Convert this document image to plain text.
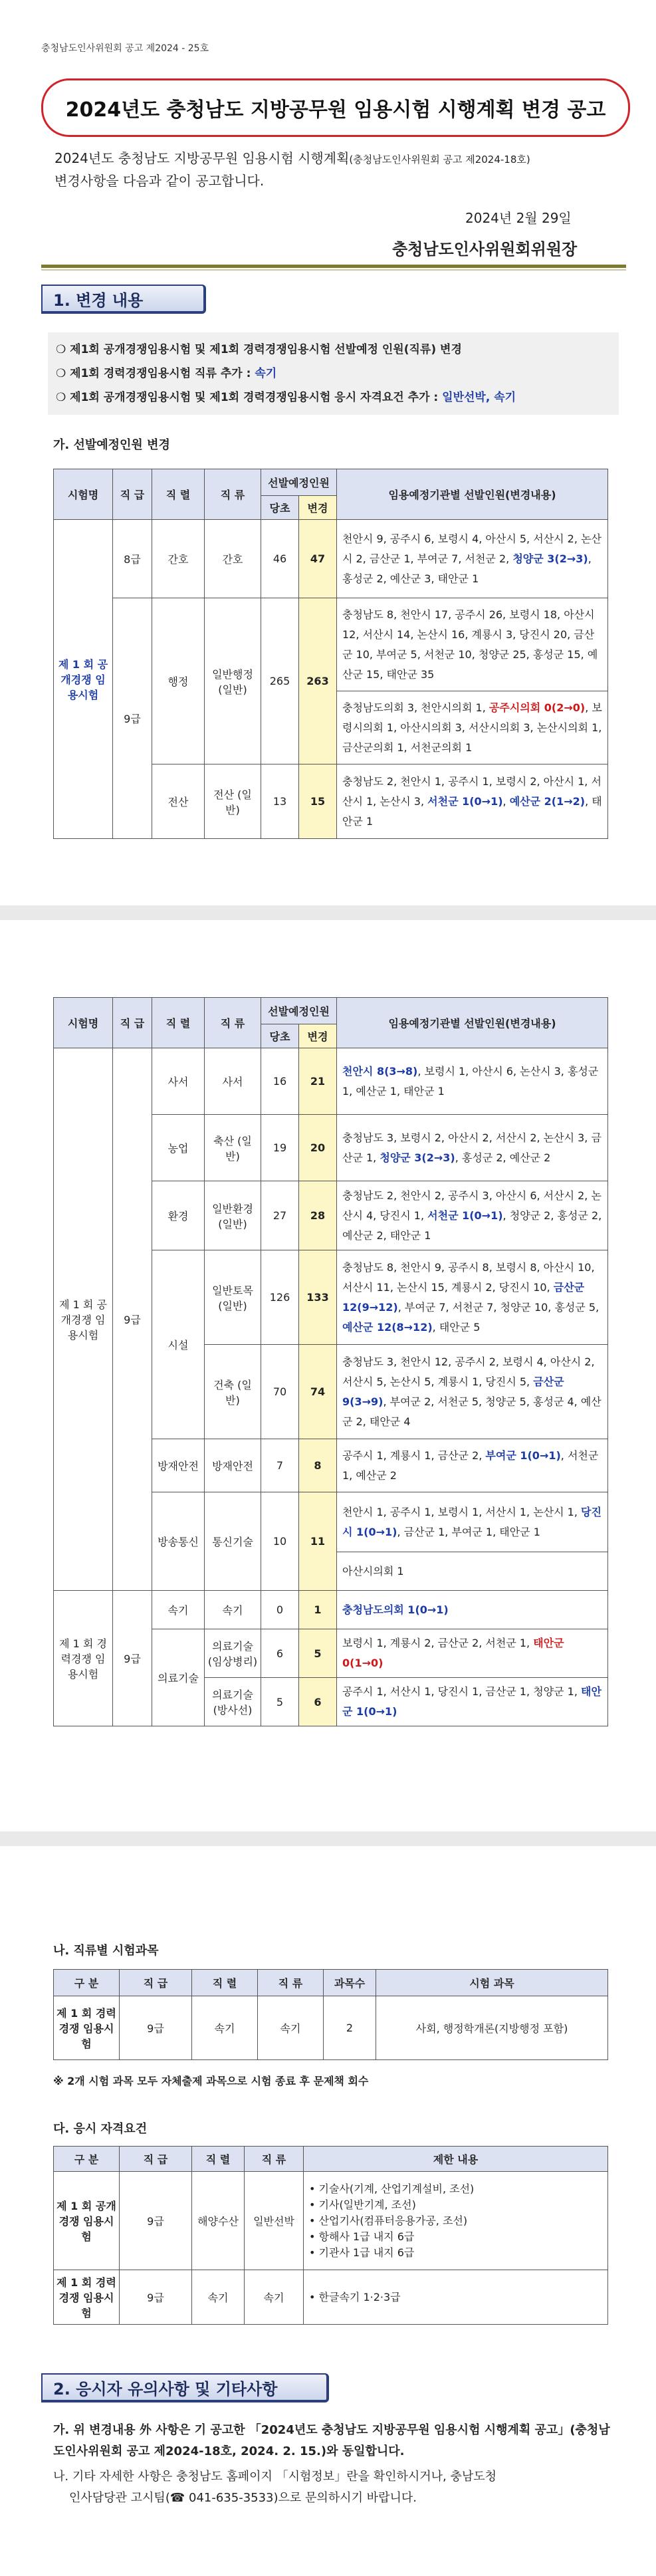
충청남도인사위원회 공고 제2024 - 25호
2024년도 충청남도 지방공무원 임용시험 시행계획 변경 공고
2024년도 충청남도 지방공무원 임용시험 시행계획(충청남도인사위원회 공고 제2024-18호)
변경사항을 다음과 같이 공고합니다.
2024년 2월 29일
충청남도인사위원회위원장
1. 변경 내용
❍ 제1회 공개경쟁임용시험 및 제1회 경력경쟁임용시험 선발예정 인원(직류) 변경
❍ 제1회 경력경쟁임용시험 직류 추가 : 속기
❍ 제1회 공개경쟁임용시험 및 제1회 경력경쟁임용시험 응시 자격요건 추가 : 일반선박, 속기
가. 선발예정인원 변경
시험명	직 급	직 렬	직 류	선발예정인원		임용예정기관별 선발인원(변경내용)
				당초	변경	
제 1 회 공개경쟁 임용시험	8급	간호	간호	46	47	천안시 9, 공주시 6, 보령시 4, 아산시 5, 서산시 2, 논산시 2, 금산군 1, 부여군 7, 서천군 2, 청양군 3(2→3), 홍성군 2, 예산군 3, 태안군 1
	9급	행정	일반행정 (일반)	265	263	충청남도 8, 천안시 17, 공주시 26, 보령시 18, 아산시 12, 서산시 14, 논산시 16, 계룡시 3, 당진시 20, 금산군 10, 부여군 5, 서천군 10, 청양군 25, 홍성군 15, 예산군 15, 태안군 35
						충청남도의회 3, 천안시의회 1, 공주시의회 0(2→0), 보령시의회 1, 아산시의회 3, 서산시의회 3, 논산시의회 1, 금산군의회 1, 서천군의회 1
		전산	전산 (일반)	13	15	충청남도 2, 천안시 1, 공주시 1, 보령시 2, 아산시 1, 서산시 1, 논산시 3, 서천군 1(0→1), 예산군 2(1→2), 태안군 1
시험명	직 급	직 렬	직 류	선발예정인원		임용예정기관별 선발인원(변경내용)
				당초	변경	
제 1 회 공개경쟁 임용시험	9급	사서	사서	16	21	천안시 8(3→8), 보령시 1, 아산시 6, 논산시 3, 홍성군 1, 예산군 1, 태안군 1
		농업	축산 (일반)	19	20	충청남도 3, 보령시 2, 아산시 2, 서산시 2, 논산시 3, 금산군 1, 청양군 3(2→3), 홍성군 2, 예산군 2
		환경	일반환경 (일반)	27	28	충청남도 2, 천안시 2, 공주시 3, 아산시 6, 서산시 2, 논산시 4, 당진시 1, 서천군 1(0→1), 청양군 2, 홍성군 2, 예산군 2, 태안군 1
		시설	일반토목 (일반)	126	133	충청남도 8, 천안시 9, 공주시 8, 보령시 8, 아산시 10, 서산시 11, 논산시 15, 계룡시 2, 당진시 10, 금산군 12(9→12), 부여군 7, 서천군 7, 청양군 10, 홍성군 5, 예산군 12(8→12), 태안군 5
			건축 (일반)	70	74	충청남도 3, 천안시 12, 공주시 2, 보령시 4, 아산시 2, 서산시 5, 논산시 5, 계룡시 1, 당진시 5, 금산군 9(3→9), 부여군 2, 서천군 5, 청양군 5, 홍성군 4, 예산군 2, 태안군 4
		방재안전	방재안전	7	8	공주시 1, 계룡시 1, 금산군 2, 부여군 1(0→1), 서천군 1, 예산군 2
		방송통신	통신기술	10	11	천안시 1, 공주시 1, 보령시 1, 서산시 1, 논산시 1, 당진시 1(0→1), 금산군 1, 부여군 1, 태안군 1
						아산시의회 1

제 1 회 경력경쟁 임용시험	9급	속기	속기	0	1	충청남도의회 1(0→1)
		의료기술	의료기술 (임상병리)	6	5	보령시 1, 계룡시 2, 금산군 2, 서천군 1, 태안군 0(1→0)
			의료기술 (방사선)	5	6	공주시 1, 서산시 1, 당진시 1, 금산군 1, 청양군 1, 태안군 1(0→1)
나. 직류별 시험과목
구 분	직 급	직 렬	직 류	과목수	시험 과목
제 1 회 경력경쟁 임용시험	9급	속기	속기	2	사회, 행정학개론(지방행정 포함)
※ 2개 시험 과목 모두 자체출제 과목으로 시험 종료 후 문제책 회수
다. 응시 자격요건
구 분	직 급	직 렬	직 류	제한 내용
제 1 회 공개경쟁 임용시험	9급	해양수산	일반선박	• 기술사(기계, 산업기계설비, 조선)
• 기사(일반기계, 조선)
• 산업기사(컴퓨터응용가공, 조선)
• 항해사 1급 내지 6급
• 기관사 1급 내지 6급

제 1 회 경력경쟁 임용시험	9급	속기	속기	• 한글속기 1·2·3급
2. 응시자 유의사항 및 기타사항
가. 위 변경내용 外 사항은 기 공고한 「2024년도 충청남도 지방공무원 임용시험 시행계획 공고」(충청남도인사위원회 공고 제2024-18호, 2024. 2. 15.)와 동일합니다.
나. 기타 자세한 사항은 충청남도 홈페이지 「시험정보」란을 확인하시거나, 충남도청
인사담당관 고시팀(☎ 041-635-3533)으로 문의하시기 바랍니다.
